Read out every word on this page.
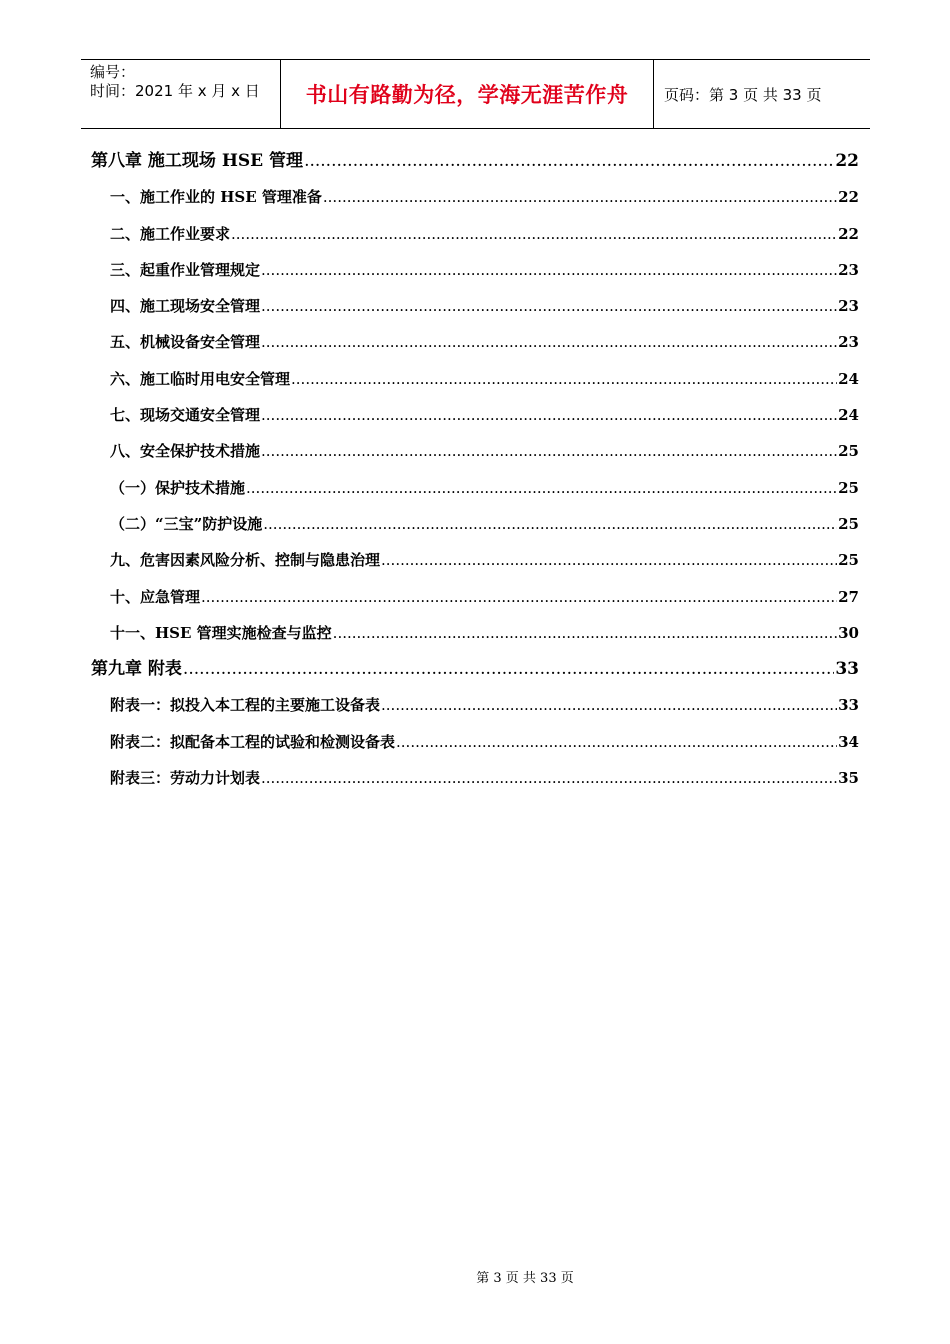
编号：
时间：2021 年 x 月 x 日	书山有路勤为径，学海无涯苦作舟 页码：第 3 页 共 33 页
第八章 施工现场 HSE 管理 .....	22
一、施工作业的 HSE 管理准备 .....	22
二、施工作业要求 .....	22
三、起重作业管理规定 .....	23
四、施工现场安全管理 .....	23
五、机械设备安全管理 .....	23
六、施工临时用电安全管理 .....	24
七、现场交通安全管理 .....	24
八、安全保护技术措施 .....	25
（一）保护技术措施 .....	25
（二）“三宝”防护设施 .....	25
九、危害因素风险分析、控制与隐患治理 .....	25
十、应急管理 .....	27
十一、HSE 管理实施检查与监控 .....	30
第九章 附表 .....	33
附表一：拟投入本工程的主要施工设备表 .....	33
附表二：拟配备本工程的试验和检测设备表 .....	34
附表三：劳动力计划表 .....	35
第 3 页 共 33 页
